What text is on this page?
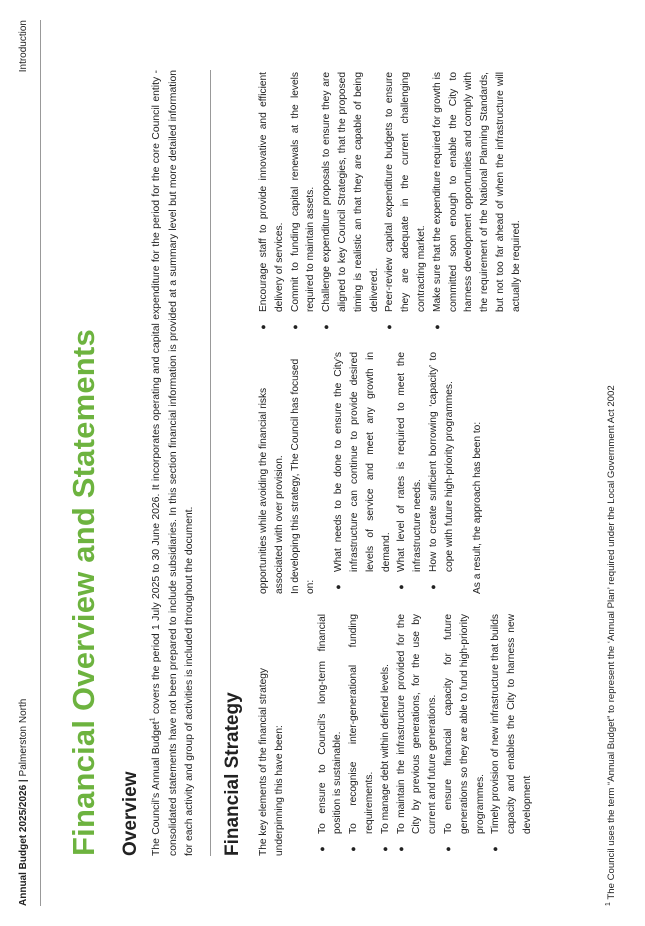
Annual Budget 2025/2026 | Palmerston North
Introduction
Financial Overview and Statements Overview The Council’s Annual Budget$^1$ covers the period 1 July 2025 to 30 June 2026. It incorporates operating and capital expenditure for the period for the core Council entity - consolidated statements have not been prepared to include subsidiaries. In this section financial information is provided at a summary level but more detailed information for each activity and group of activities is included throughout the document. Financial Strategy The key elements of the financial strategy underpinning this have been:	●
To ensure to Council’s long-term financial position is sustainable.
●
To recognise inter-generational funding requirements.
●
To manage debt within defined levels.
●
To maintain the infrastructure provided for the City by previous generations, for the use by current and future generations.
●
To ensure financial capacity for future generations so they are able to fund high-priority programmes.
●
Timely provision of new infrastructure that builds capacity and enables the City to harness new development

opportunities while avoiding the financial risks associated with over provision. In developing this strategy, The Council has focused on:	●
What needs to be done to ensure the City’s infrastructure can continue to provide desired levels of service and meet any growth in demand.
●
What level of rates is required to meet the infrastructure needs.
●
How to create sufficient borrowing ‘capacity’ to cope with future high-priority programmes. As a result, the approach has been to:

●
Encourage staff to provide innovative and efficient delivery of services.
●
Commit to funding capital renewals at the levels required to maintain assets.
●
Challenge expenditure proposals to ensure they are aligned to key Council Strategies, that the proposed timing is realistic an that they are capable of being delivered.
●
Peer-review capital expenditure budgets to ensure they are adequate in the current challenging contracting market.
●
Make sure that the expenditure required for growth is committed soon enough to enable the City to harness development opportunities and comply with the requirement of the National Planning Standards, but not too far ahead of when the infrastructure will actually be required.

$^1$ The Council uses the term “Annual Budget” to represent the ‘Annual Plan’ required under the Local Government Act 2002
